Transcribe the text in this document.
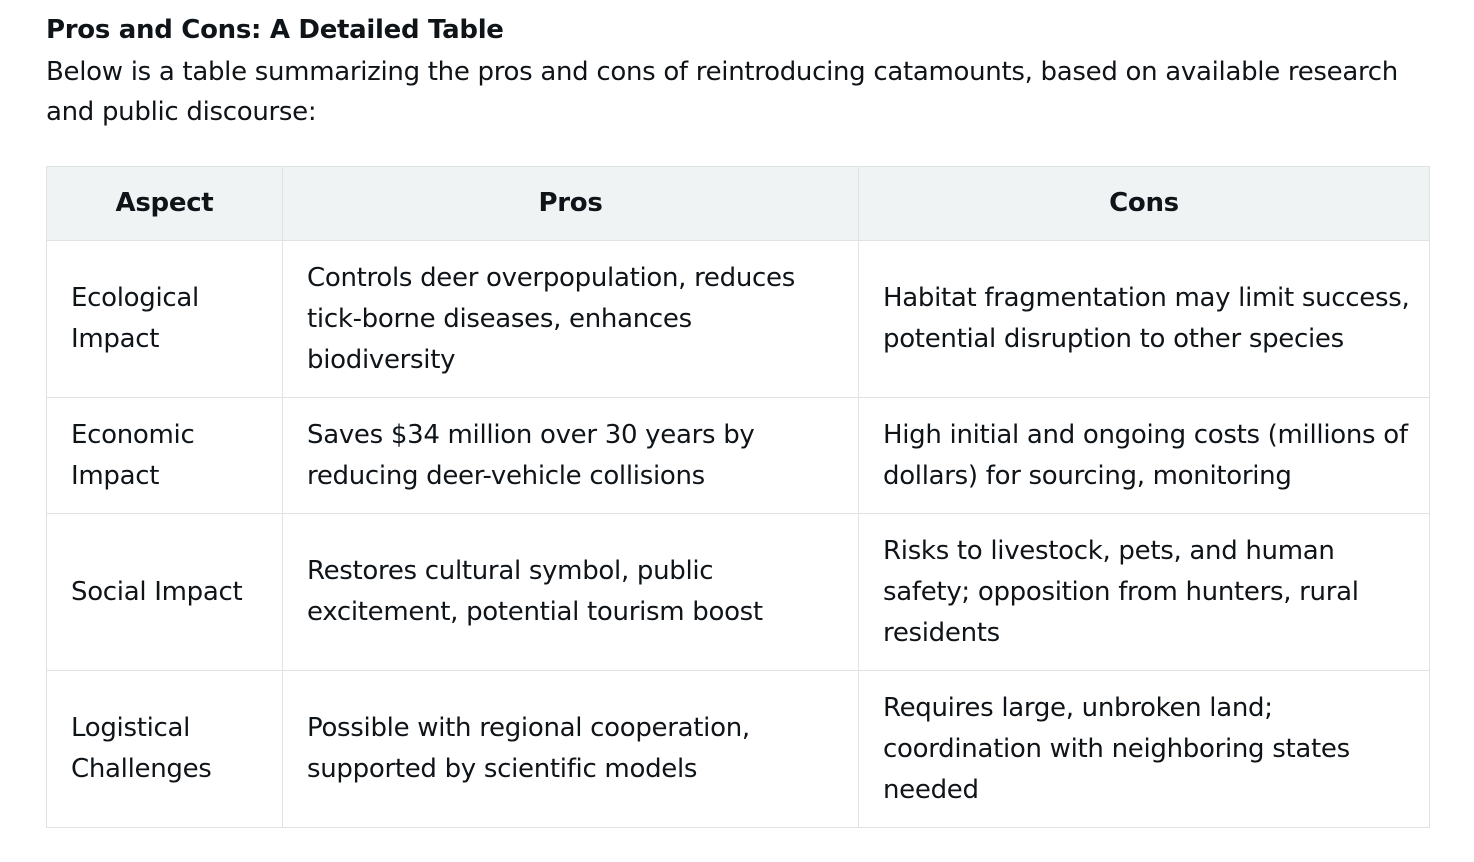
Pros and Cons: A Detailed Table
Below is a table summarizing the pros and cons of reintroducing catamounts, based on available research and public discourse:
Aspect	Pros	Cons
Ecological Impact	Controls deer overpopulation, reduces tick-borne diseases, enhances biodiversity	Habitat fragmentation may limit success, potential disruption to other species
Economic Impact	Saves $34 million over 30 years by reducing deer-vehicle collisions	High initial and ongoing costs (millions of dollars) for sourcing, monitoring
Social Impact	Restores cultural symbol, public excitement, potential tourism boost	Risks to livestock, pets, and human safety; opposition from hunters, rural residents
Logistical Challenges	Possible with regional cooperation, supported by scientific models	Requires large, unbroken land; coordination with neighboring states needed
